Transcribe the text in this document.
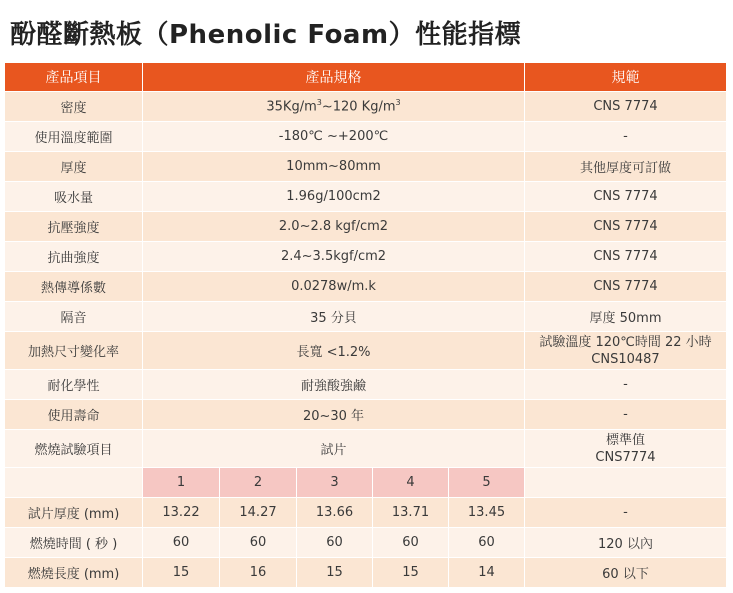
酚醛斷熱板（Phenolic Foam）性能指標
產品項目	產品規格					規範
密度	$35Kg/m^3\sim 120$ $Kg/m^3$					CNS 7774
使用溫度範圍	-180℃ ~+200℃					-
厚度	10mm~80mm					其他厚度可訂做
吸水量	1.96g/100cm2					CNS 7774
抗壓強度	2.0~2.8 kgf/cm2					CNS 7774
抗曲強度	2.4~3.5kgf/cm2					CNS 7774
熱傳導係數	0.0278w/m.k					CNS 7774
隔音	35 分貝					厚度 50mm
加熱尺寸變化率	長寬 <1.2%					試驗溫度 120℃時間 22 小時
CNS10487

耐化學性	耐強酸強鹼					-
使用壽命	20~30 年					-
燃燒試驗項目	試片					標準值
CNS7774

	1	2	3	4	5	
試片厚度 (mm)	13.22	14.27	13.66	13.71	13.45	-
燃燒時間 ( 秒 )	60	60	60	60	60	120 以內
燃燒長度 (mm)	15	16	15	15	14	60 以下
